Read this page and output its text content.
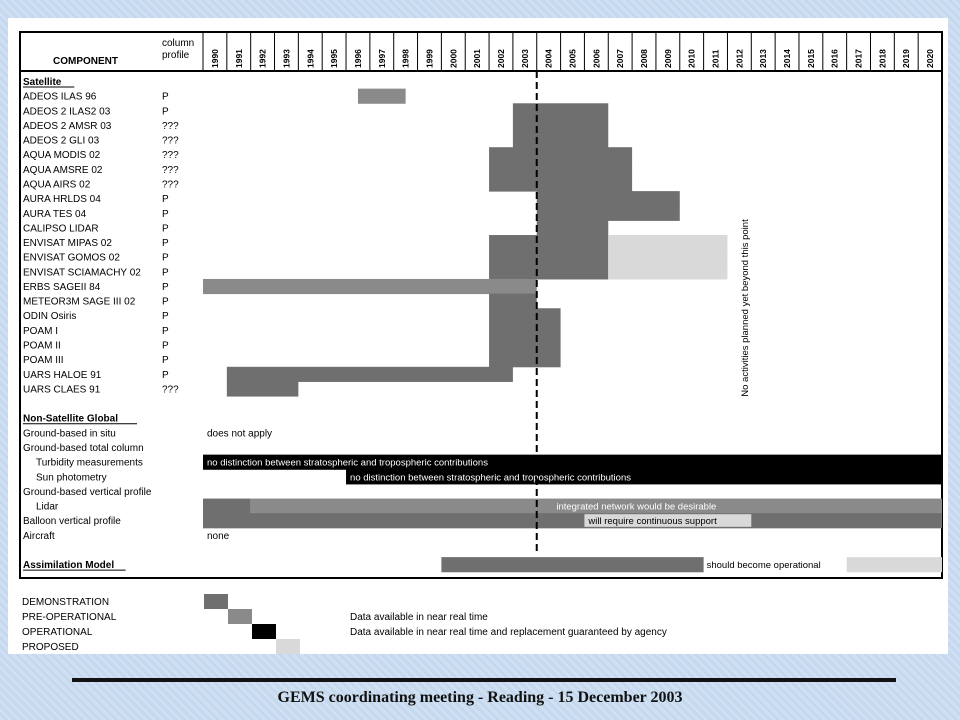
COMPONENT
column
profile 1990 1991 1992 1993 1994 1995 1996 1997 1998 1999 2000 2001 2002 2003 2004 2005 2006 2007 2008 2009 2010 2011 2012 2013 2014 2015 2016 2017 2018 2019 2020
Satellite
ADEOS ILAS 96	P
ADEOS 2 ILAS2 03	P
ADEOS 2 AMSR 03	???
ADEOS 2 GLI 03	???
AQUA MODIS 02	???
AQUA AMSRE 02	???
AQUA AIRS 02	???
AURA HRLDS 04	P
AURA TES 04	P
CALIPSO LIDAR	P
ENVISAT MIPAS 02	P
ENVISAT GOMOS 02	P
ENVISAT SCIAMACHY 02 P
ERBS SAGEII 84	P
METEOR3M SAGE III 02	P
ODIN Osiris	P
POAM I	P
POAM II	P
POAM III	P
UARS HALOE 91	P
UARS CLAES 91	???
Non-Satellite Global
Ground-based in situ	does not apply
Ground-based total column
Turbidity measurements	no distinction between stratospheric and tropospheric contributions
Sun photometry	no distinction between stratospheric and tropospheric contributions
Ground-based vertical profile
Lidar	integrated network would be desirable
Balloon vertical profile	will require continuous support
Aircraft	none
Assimilation Model	should become operational
No activities planned yet beyond this point
DEMONSTRATION
PRE-OPERATIONAL	Data available in near real time
OPERATIONAL	Data available in near real time and replacement guaranteed by agency
PROPOSED
GEMS coordinating meeting - Reading - 15 December 2003
